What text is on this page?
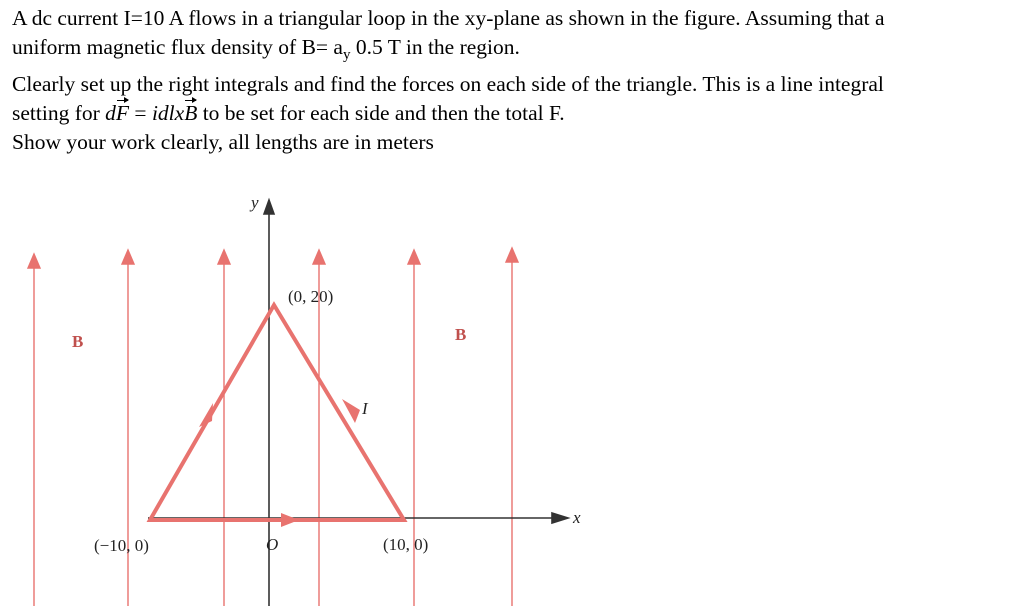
A dc current I=10 A flows in a triangular loop in the xy-plane as shown in the figure. Assuming that a
uniform magnetic flux density of $B= a_y$ 0.5 T in the region.
Clearly set up the right integrals and find the forces on each side of the triangle. This is a line integral
setting for dF = idlxB to be set for each side and then the total F.
Show your work clearly, all lengths are in meters
y
x
O
(0, 20)
(−10, 0)	(10, 0)
I
B	B
